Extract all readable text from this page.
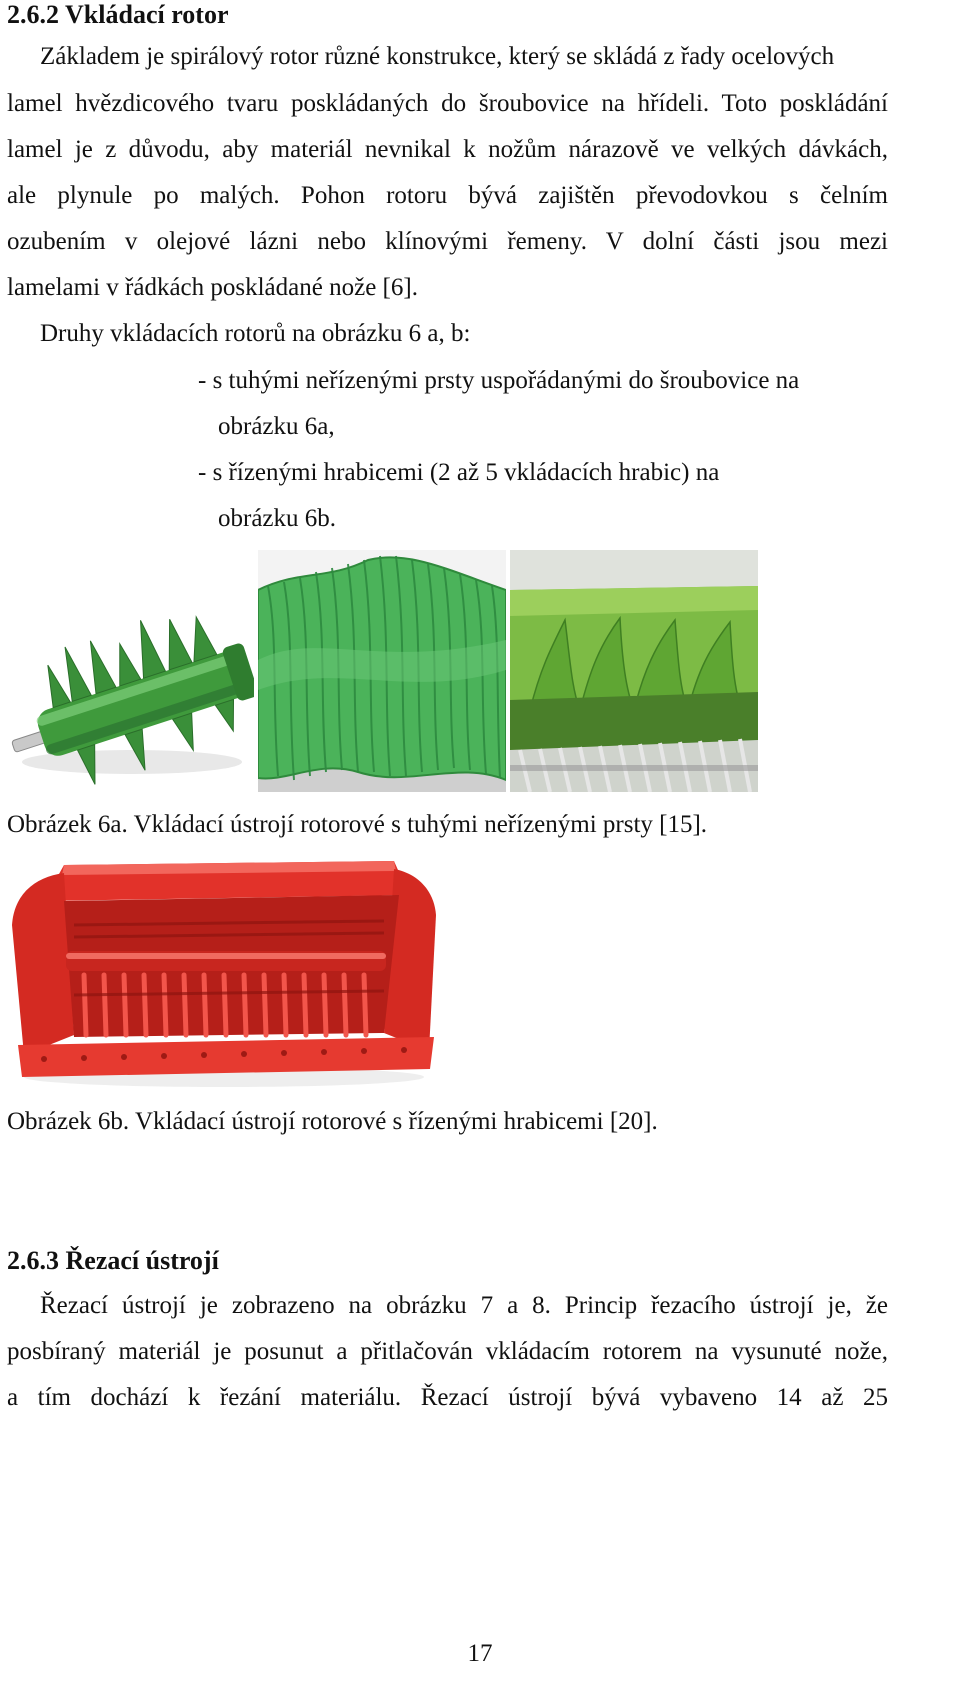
2.6.2 Vkládací rotor
Základem je spirálový rotor různé konstrukce, který se skládá z řady ocelových
lamel hvězdicového tvaru poskládaných do šroubovice na hřídeli. Toto poskládání
lamel je z důvodu, aby materiál nevnikal k nožům nárazově ve velkých dávkách,
ale plynule po malých. Pohon rotoru bývá zajištěn převodovkou s čelním
ozubením v olejové lázni nebo klínovými řemeny. V dolní části jsou mezi
lamelami v řádkách poskládané nože [6].
Druhy vkládacích rotorů na obrázku 6 a, b:
- s tuhými neřízenými prsty uspořádanými do šroubovice na
obrázku 6a,
- s řízenými hrabicemi (2 až 5 vkládacích hrabic) na
obrázku 6b.
Obrázek 6a. Vkládací ústrojí rotorové s tuhými neřízenými prsty [15].
Obrázek 6b. Vkládací ústrojí rotorové s řízenými hrabicemi [20].
2.6.3 Řezací ústrojí
Řezací ústrojí je zobrazeno na obrázku 7 a 8. Princip řezacího ústrojí je, že
posbíraný materiál je posunut a přitlačován vkládacím rotorem na vysunuté nože,
a tím dochází k řezání materiálu. Řezací ústrojí bývá vybaveno 14 až 25
17
